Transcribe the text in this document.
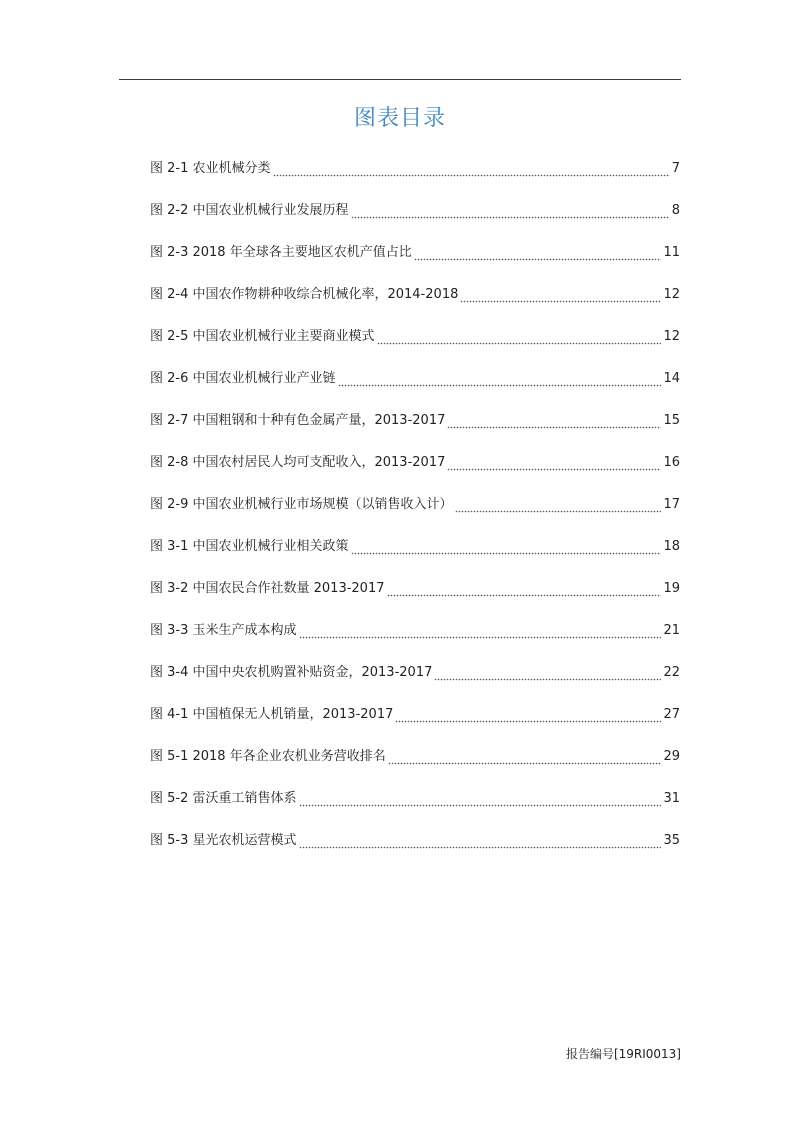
图表目录
图 2-1 农业机械分类	7
图 2-2 中国农业机械行业发展历程	8
图 2-3 2018 年全球各主要地区农机产值占比	11
图 2-4 中国农作物耕种收综合机械化率，2014-2018	12
图 2-5 中国农业机械行业主要商业模式	12
图 2-6 中国农业机械行业产业链	14
图 2-7 中国粗钢和十种有色金属产量，2013-2017	15
图 2-8 中国农村居民人均可支配收入，2013-2017	16
图 2-9 中国农业机械行业市场规模（以销售收入计）	17
图 3-1 中国农业机械行业相关政策	18
图 3-2 中国农民合作社数量 2013-2017	19
图 3-3 玉米生产成本构成	21
图 3-4 中国中央农机购置补贴资金，2013-2017	22
图 4-1 中国植保无人机销量，2013-2017	27
图 5-1 2018 年各企业农机业务营收排名	29
图 5-2 雷沃重工销售体系	31
图 5-3 星光农机运营模式	35
报告编号[19RI0013]
